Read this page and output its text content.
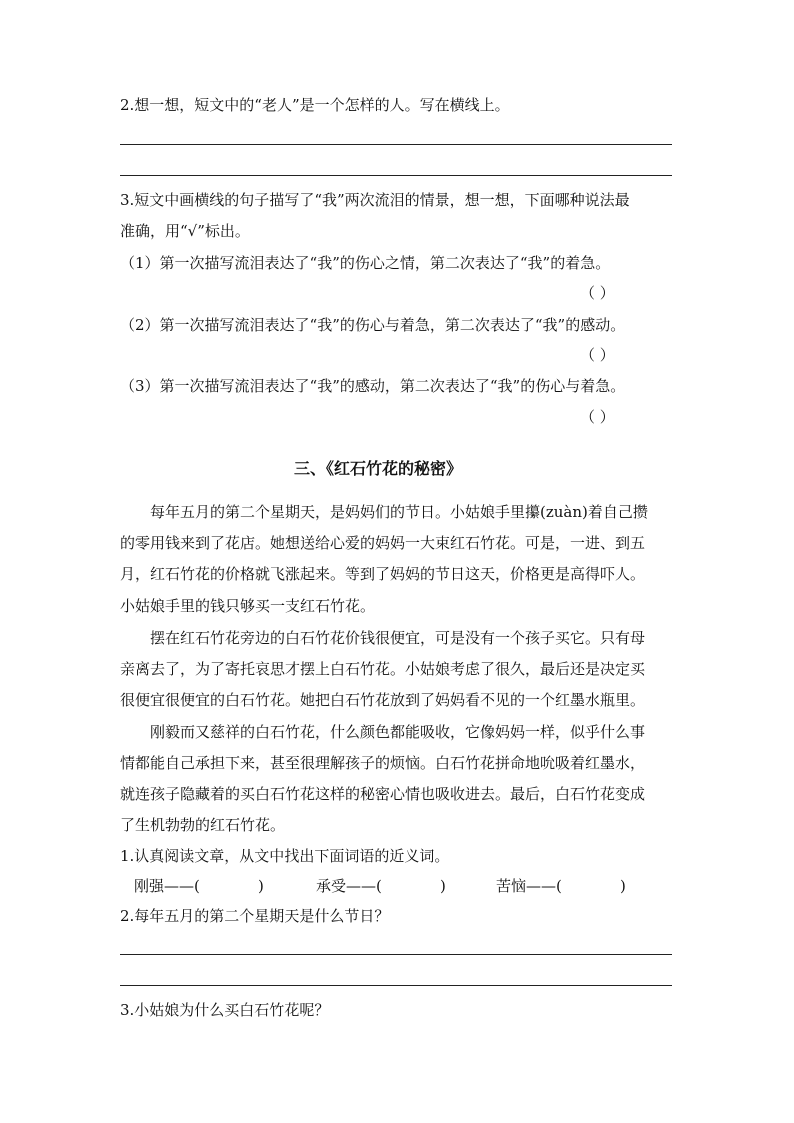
2.想一想，短文中的“老人”是一个怎样的人。写在横线上。
3.短文中画横线的句子描写了“我”两次流泪的情景，想一想，下面哪种说法最
准确，用“√”标出。
（1）第一次描写流泪表达了“我”的伤心之情，第二次表达了“我”的着急。
（ ）
（2）第一次描写流泪表达了“我”的伤心与着急，第二次表达了“我”的感动。
（ ）
（3）第一次描写流泪表达了“我”的感动，第二次表达了“我”的伤心与着急。
（ ）
三、《红石竹花的秘密》
每年五月的第二个星期天，是妈妈们的节日。小姑娘手里攥(zuàn)着自己攒
的零用钱来到了花店。她想送给心爱的妈妈一大束红石竹花。可是，一进、到五
月，红石竹花的价格就飞涨起来。等到了妈妈的节日这天，价格更是高得吓人。
小姑娘手里的钱只够买一支红石竹花。
摆在红石竹花旁边的白石竹花价钱很便宜，可是没有一个孩子买它。只有母
亲离去了，为了寄托哀思才摆上白石竹花。小姑娘考虑了很久，最后还是决定买
很便宜很便宜的白石竹花。她把白石竹花放到了妈妈看不见的一个红墨水瓶里。
刚毅而又慈祥的白石竹花，什么颜色都能吸收，它像妈妈一样，似乎什么事
情都能自己承担下来，甚至很理解孩子的烦恼。白石竹花拼命地吮吸着红墨水，
就连孩子隐藏着的买白石竹花这样的秘密心情也吸收进去。最后，白石竹花变成
了生机勃勃的红石竹花。
1.认真阅读文章，从文中找出下面词语的近义词。
刚强——(	)	承受——(	)	苦恼——(	)
2.每年五月的第二个星期天是什么节日？
3.小姑娘为什么买白石竹花呢？
